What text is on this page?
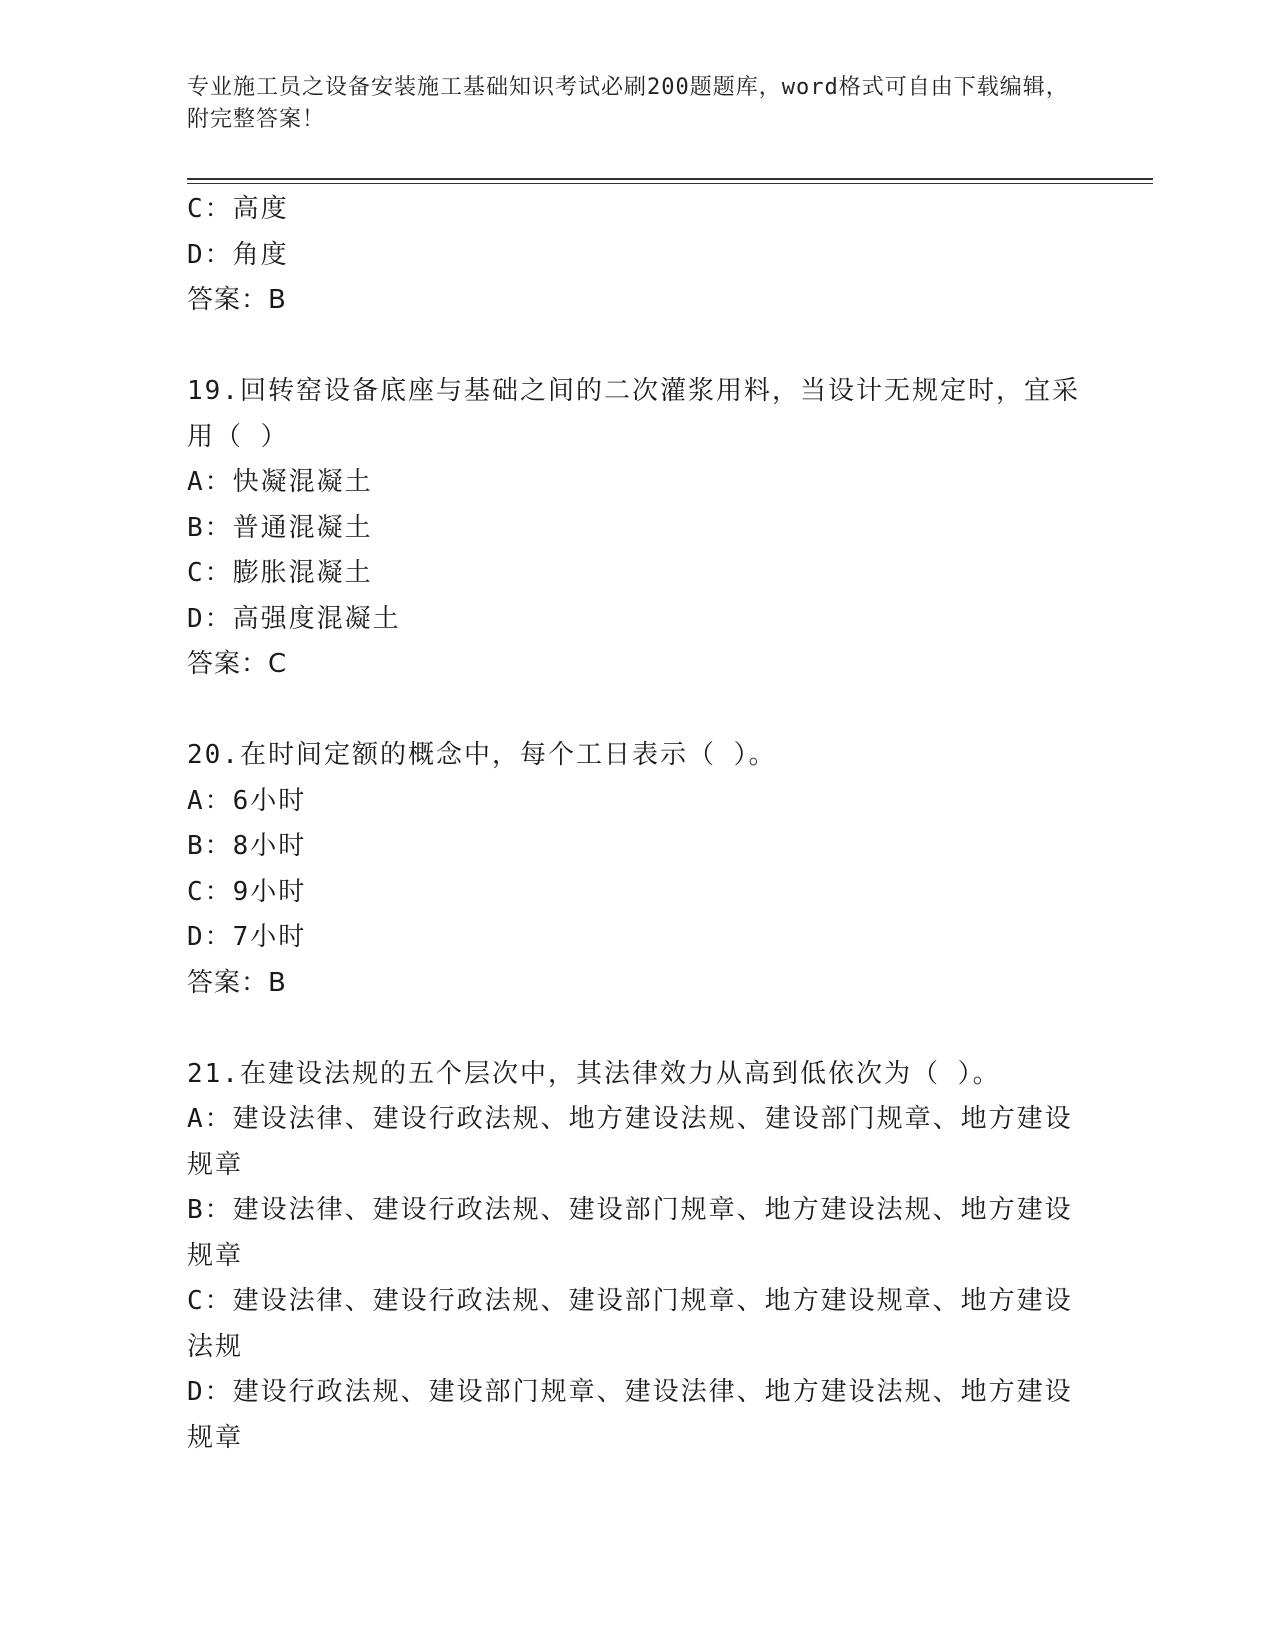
专业施工员之设备安装施工基础知识考试必刷200题题库，word格式可自由下载编辑，附完整答案！
C：高度
D：角度
答案：B
19.回转窑设备底座与基础之间的二次灌浆用料，当设计无规定时，宜采用（ ）
A：快凝混凝土
B：普通混凝土
C：膨胀混凝土
D：高强度混凝土
答案：C
20.在时间定额的概念中，每个工日表示（ ）。
A：6小时
B：8小时
C：9小时
D：7小时
答案：B
21.在建设法规的五个层次中，其法律效力从高到低依次为（ ）。
A：建设法律、建设行政法规、地方建设法规、建设部门规章、地方建设规章
B：建设法律、建设行政法规、建设部门规章、地方建设法规、地方建设规章
C：建设法律、建设行政法规、建设部门规章、地方建设规章、地方建设法规
D：建设行政法规、建设部门规章、建设法律、地方建设法规、地方建设规章
